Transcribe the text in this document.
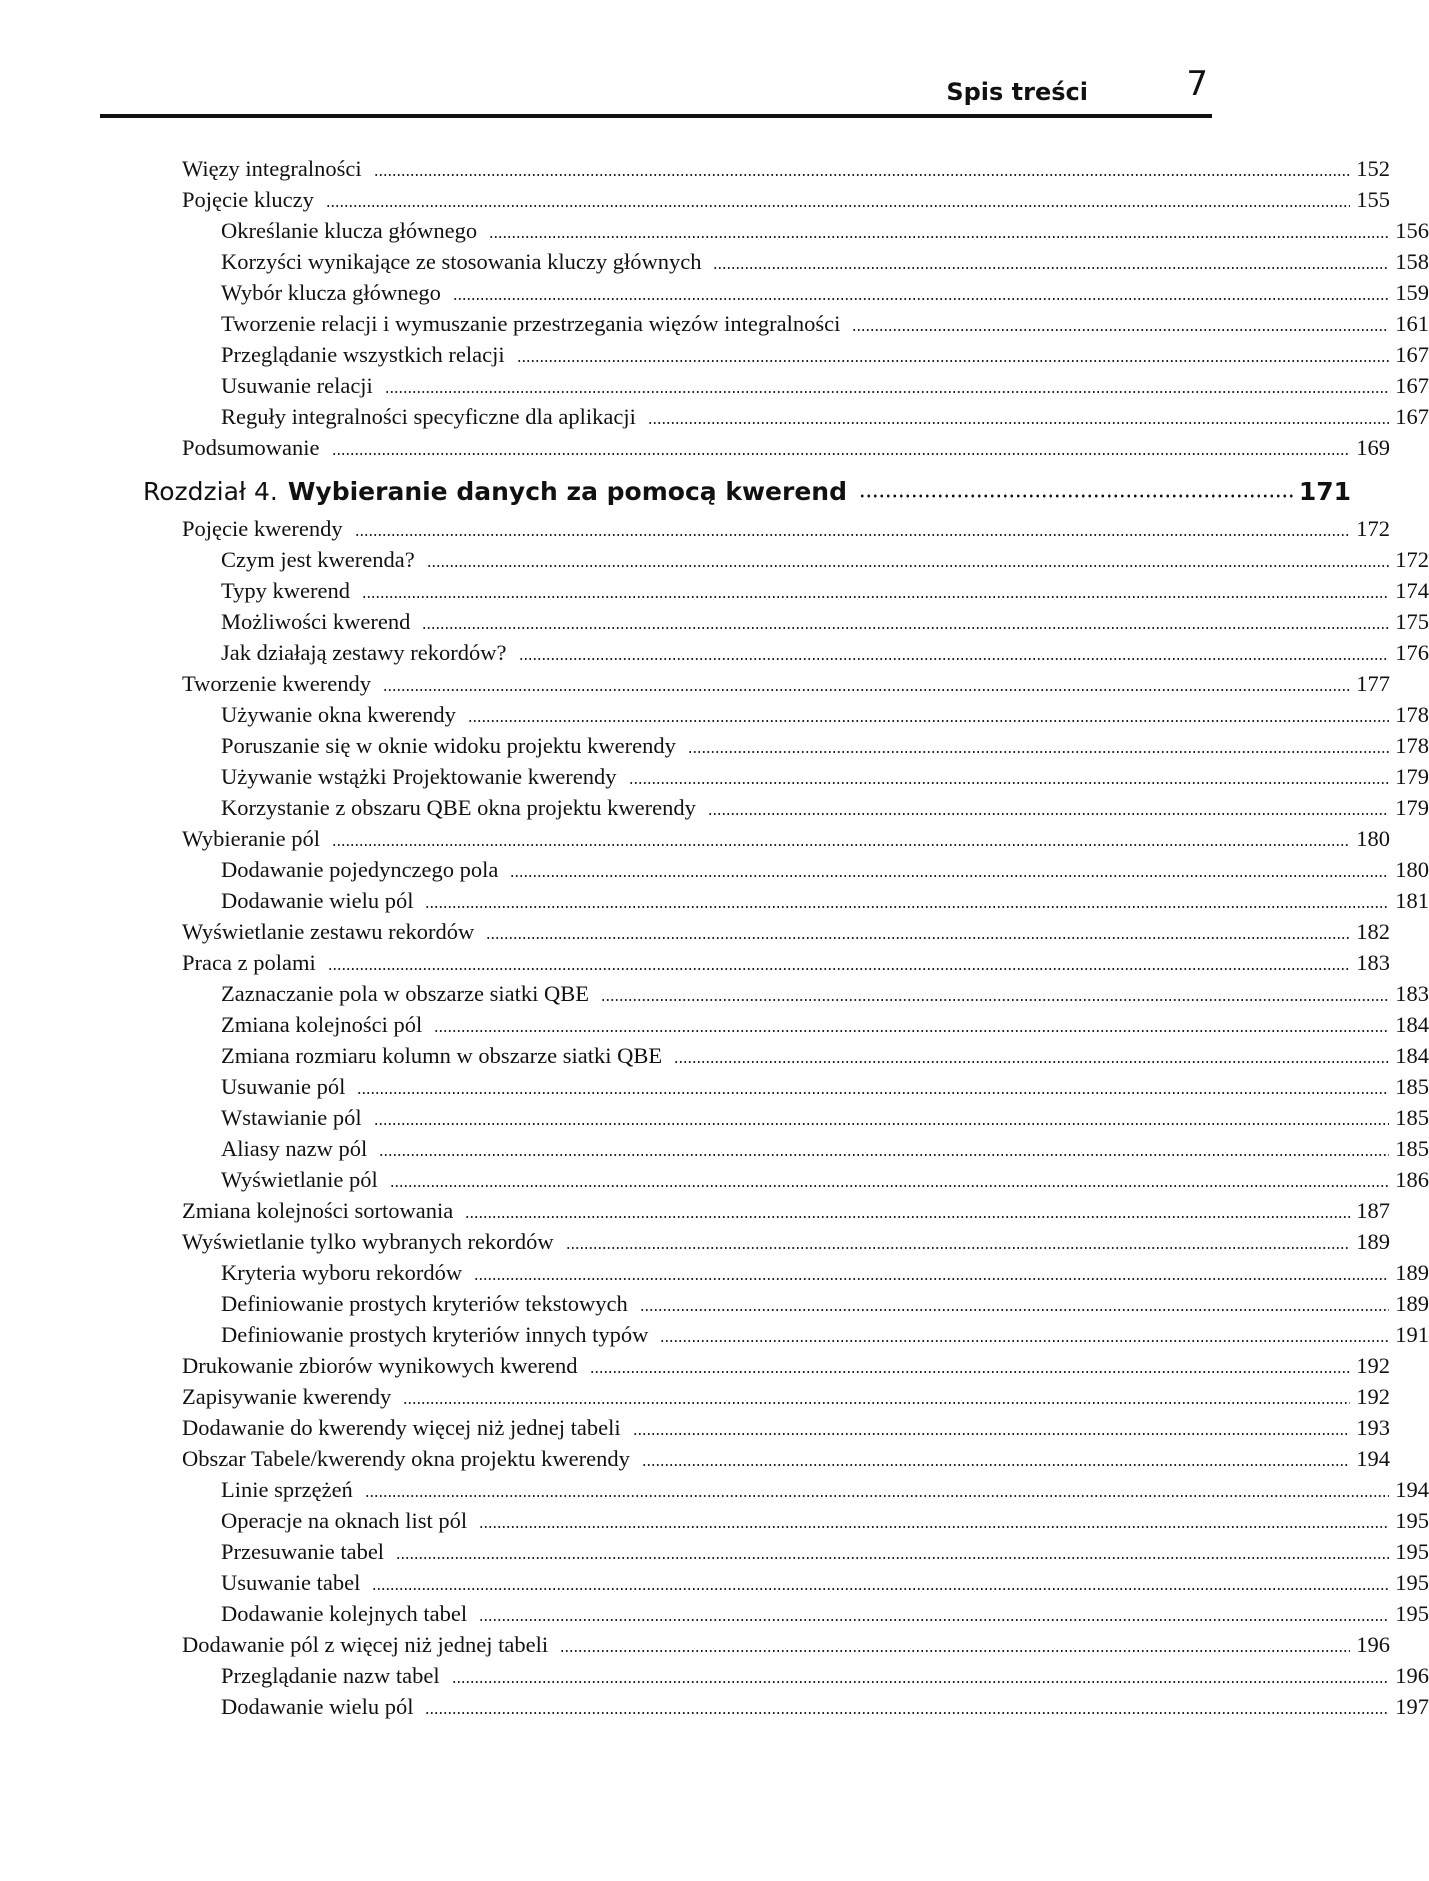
Spis treści	7
Więzy integralności	152
Pojęcie kluczy	155
Określanie klucza głównego	156
Korzyści wynikające ze stosowania kluczy głównych	158
Wybór klucza głównego	159
Tworzenie relacji i wymuszanie przestrzegania więzów integralności	161
Przeglądanie wszystkich relacji	167
Usuwanie relacji	167
Reguły integralności specyficzne dla aplikacji	167
Podsumowanie	169
Rozdział 4. Wybieranie danych za pomocą kwerend	171
Pojęcie kwerendy	172
Czym jest kwerenda?	172
Typy kwerend	174
Możliwości kwerend	175
Jak działają zestawy rekordów?	176
Tworzenie kwerendy	177
Używanie okna kwerendy	178
Poruszanie się w oknie widoku projektu kwerendy	178
Używanie wstążki Projektowanie kwerendy	179
Korzystanie z obszaru QBE okna projektu kwerendy	179
Wybieranie pól	180
Dodawanie pojedynczego pola	180
Dodawanie wielu pól	181
Wyświetlanie zestawu rekordów	182
Praca z polami	183
Zaznaczanie pola w obszarze siatki QBE	183
Zmiana kolejności pól	184
Zmiana rozmiaru kolumn w obszarze siatki QBE	184
Usuwanie pól	185
Wstawianie pól	185
Aliasy nazw pól	185
Wyświetlanie pól	186
Zmiana kolejności sortowania	187
Wyświetlanie tylko wybranych rekordów	189
Kryteria wyboru rekordów	189
Definiowanie prostych kryteriów tekstowych	189
Definiowanie prostych kryteriów innych typów	191
Drukowanie zbiorów wynikowych kwerend	192
Zapisywanie kwerendy	192
Dodawanie do kwerendy więcej niż jednej tabeli	193
Obszar Tabele/kwerendy okna projektu kwerendy	194
Linie sprzężeń	194
Operacje na oknach list pól	195
Przesuwanie tabel	195
Usuwanie tabel	195
Dodawanie kolejnych tabel	195
Dodawanie pól z więcej niż jednej tabeli	196
Przeglądanie nazw tabel	196
Dodawanie wielu pól	197
